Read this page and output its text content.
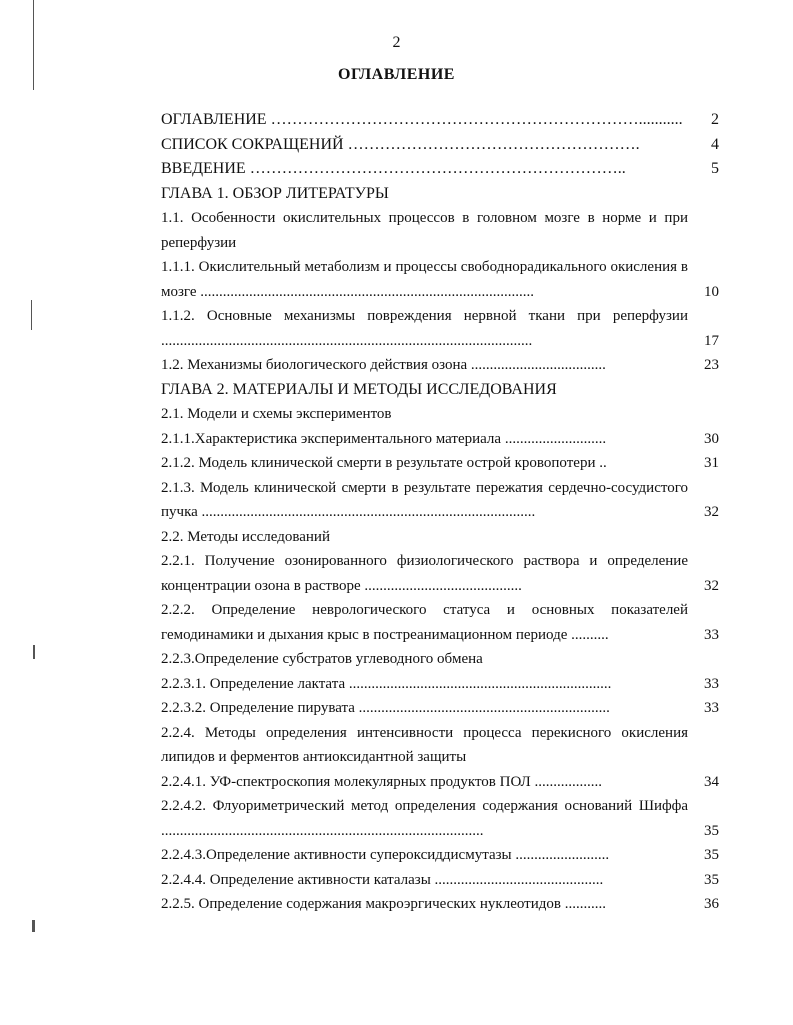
2
ОГЛАВЛЕНИЕ
ОГЛАВЛЕНИЕ ……………………………………………………………...........	2
СПИСОК СОКРАЩЕНИЙ ……………………………………………….	4
ВВЕДЕНИЕ ……………………………………………………………..	5
ГЛАВА 1. ОБЗОР ЛИТЕРАТУРЫ
1.1. Особенности окислительных процессов в головном мозге в норме и при реперфузии
1.1.1. Окислительный метаболизм и процессы свободнорадикального окисления в мозге .........................................................................................	10
1.1.2. Основные механизмы повреждения нервной ткани при реперфузии ...................................................................................................	17
1.2. Механизмы биологического действия озона ....................................	23
ГЛАВА 2. МАТЕРИАЛЫ И МЕТОДЫ ИССЛЕДОВАНИЯ
2.1. Модели и схемы экспериментов
2.1.1.Характеристика экспериментального материала ...........................	30
2.1.2. Модель клинической смерти в результате острой кровопотери ..	31
2.1.3. Модель клинической смерти в результате пережатия сердечно-сосудистого пучка .........................................................................................	32
2.2. Методы исследований
2.2.1. Получение озонированного физиологического раствора и определение концентрации озона в растворе ..........................................	32
2.2.2. Определение неврологического статуса и основных показателей гемодинамики и дыхания крыс в постреанимационном периоде ..........	33
2.2.3.Определение субстратов углеводного обмена
2.2.3.1. Определение лактата ......................................................................	33
2.2.3.2. Определение пирувата ...................................................................	33
2.2.4. Методы определения интенсивности процесса перекисного окисления липидов и ферментов антиоксидантной защиты
2.2.4.1. УФ-спектроскопия молекулярных продуктов ПОЛ ..................	34
2.2.4.2. Флуориметрический метод определения содержания оснований Шиффа ......................................................................................	35
2.2.4.3.Определение активности супероксиддисмутазы .........................	35
2.2.4.4. Определение активности каталазы .............................................	35
2.2.5. Определение содержания макроэргических нуклеотидов ...........	36
